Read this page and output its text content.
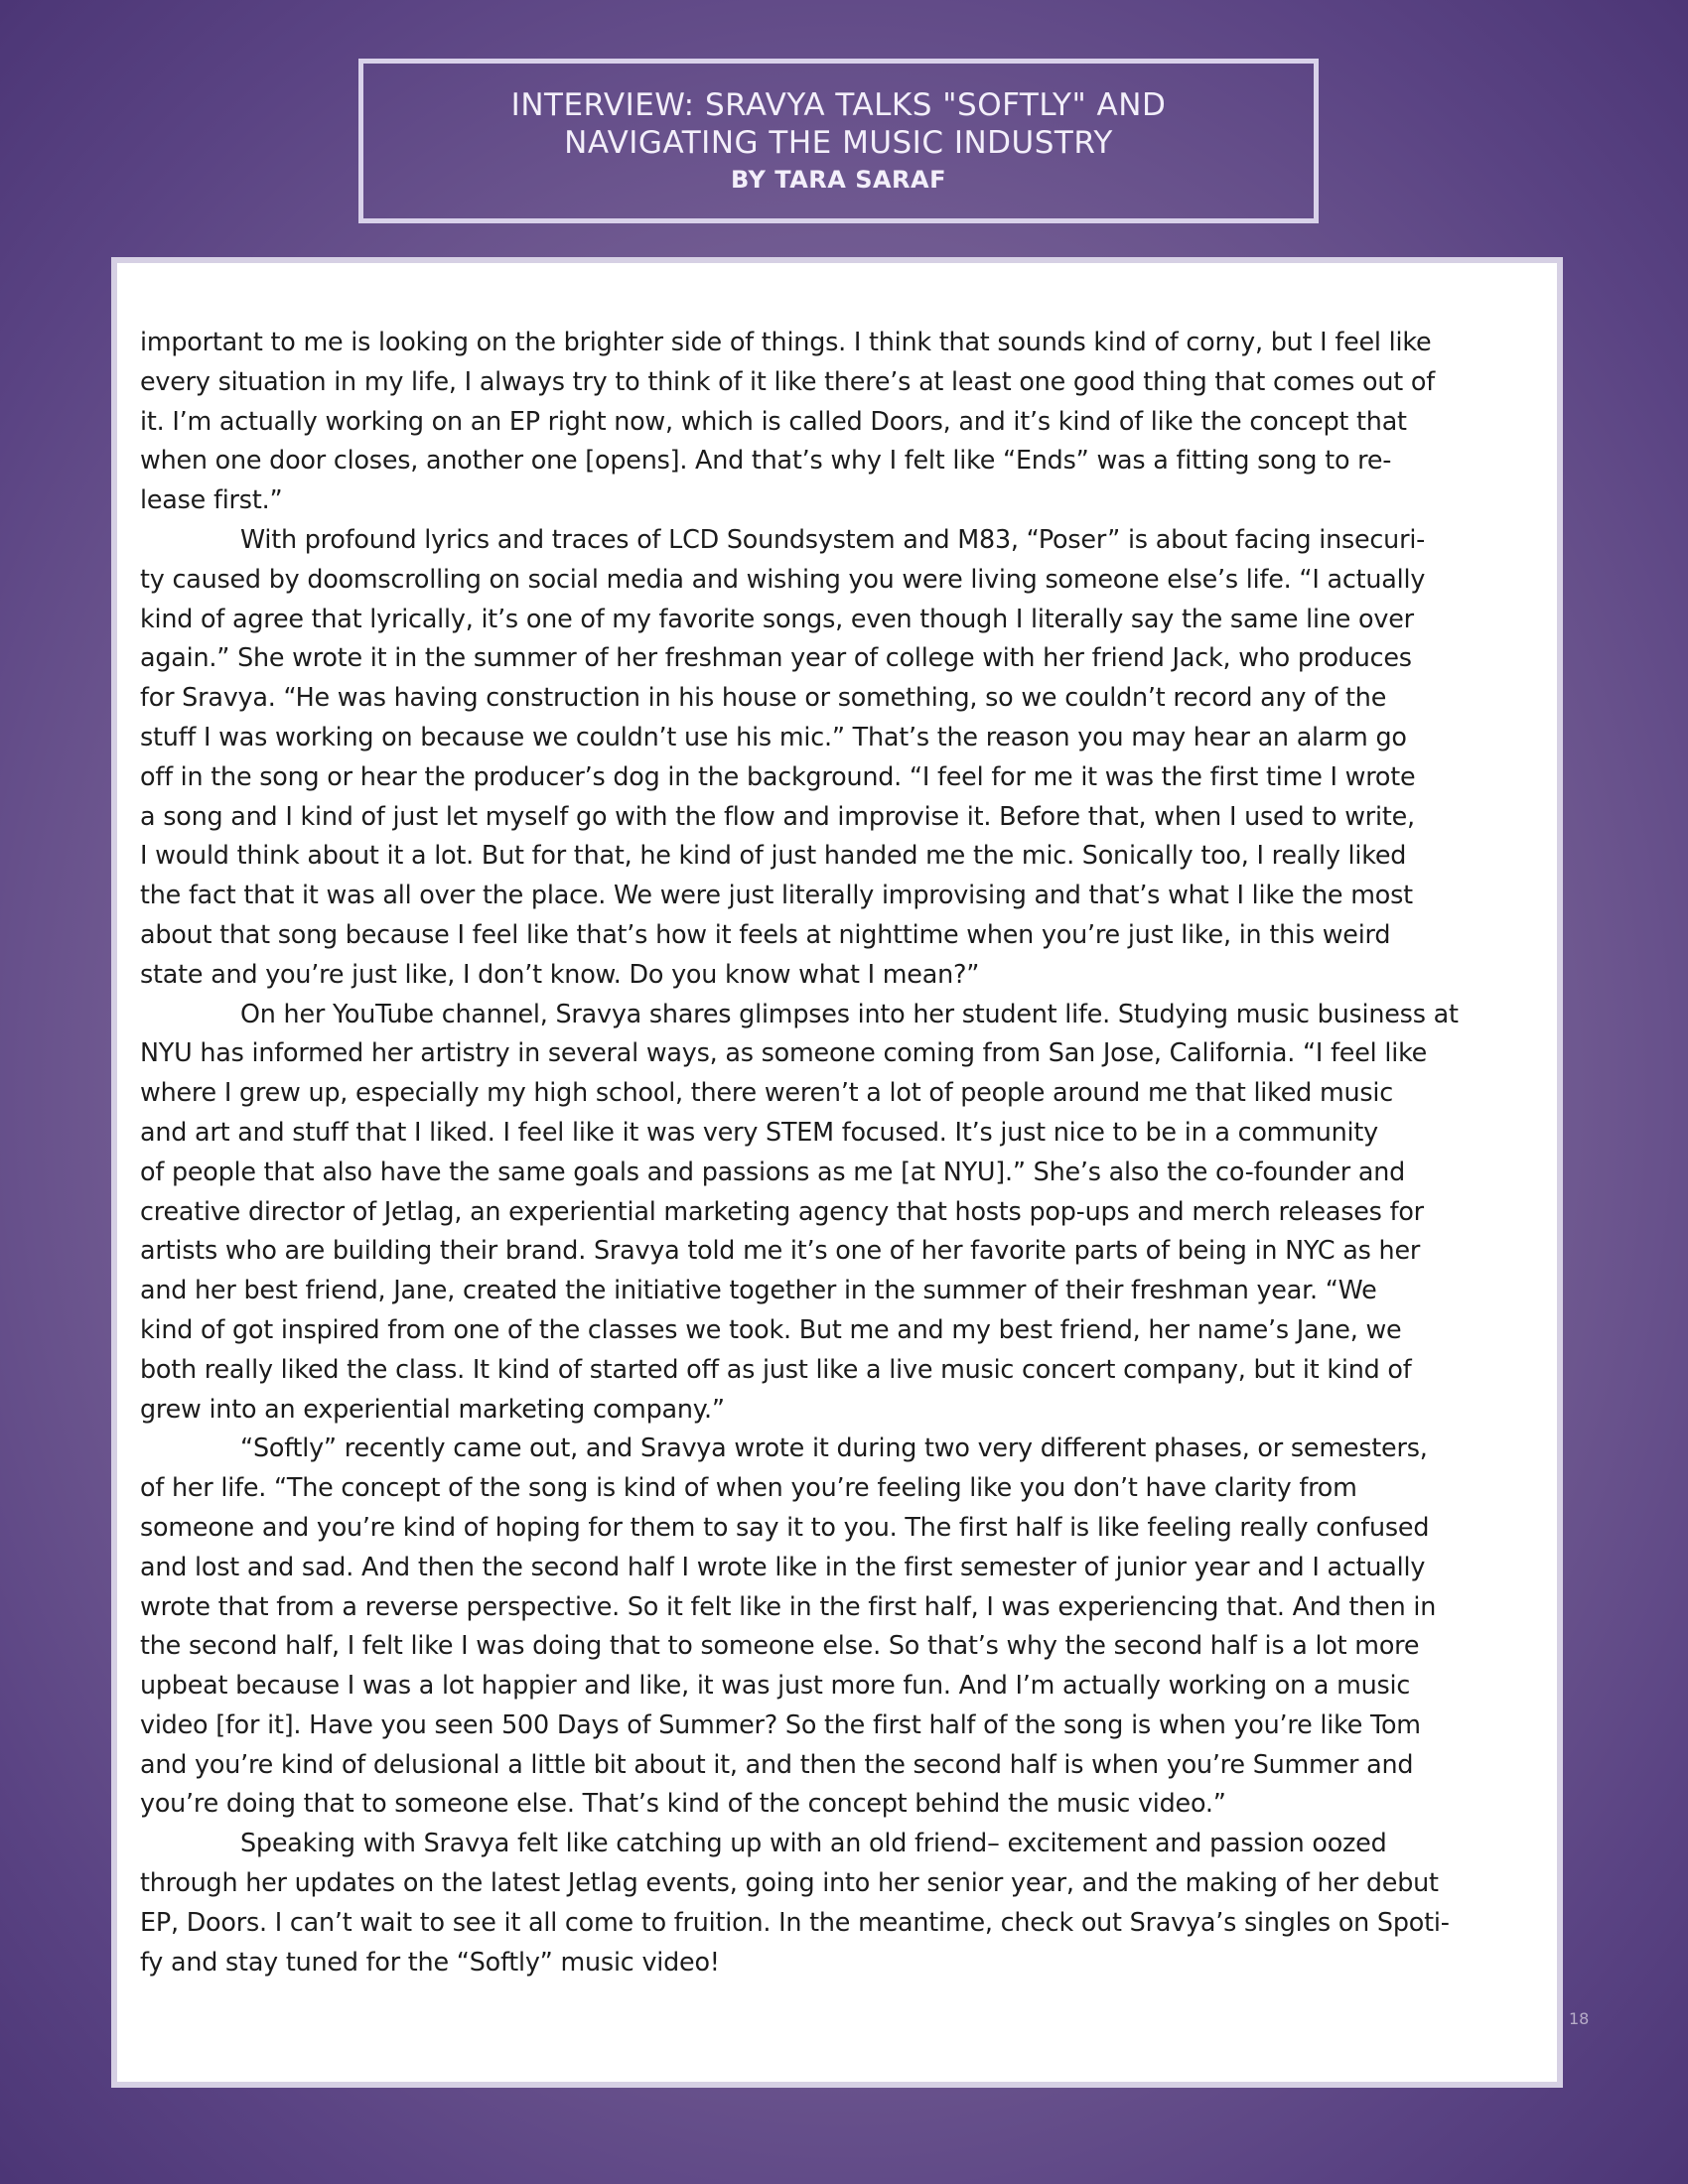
INTERVIEW: SRAVYA TALKS "SOFTLY" AND
NAVIGATING THE MUSIC INDUSTRY
BY TARA SARAF
important to me is looking on the brighter side of things. I think that sounds kind of corny, but I feel like
every situation in my life, I always try to think of it like there’s at least one good thing that comes out of
it. I’m actually working on an EP right now, which is called Doors, and it’s kind of like the concept that
when one door closes, another one [opens]. And that’s why I felt like “Ends” was a fitting song to re-
lease first.”
With profound lyrics and traces of LCD Soundsystem and M83, “Poser” is about facing insecuri-
ty caused by doomscrolling on social media and wishing you were living someone else’s life. “I actually
kind of agree that lyrically, it’s one of my favorite songs, even though I literally say the same line over
again.” She wrote it in the summer of her freshman year of college with her friend Jack, who produces
for Sravya. “He was having construction in his house or something, so we couldn’t record any of the
stuff I was working on because we couldn’t use his mic.” That’s the reason you may hear an alarm go
off in the song or hear the producer’s dog in the background. “I feel for me it was the first time I wrote
a song and I kind of just let myself go with the flow and improvise it. Before that, when I used to write,
I would think about it a lot. But for that, he kind of just handed me the mic. Sonically too, I really liked
the fact that it was all over the place. We were just literally improvising and that’s what I like the most
about that song because I feel like that’s how it feels at nighttime when you’re just like, in this weird
state and you’re just like, I don’t know. Do you know what I mean?”
On her YouTube channel, Sravya shares glimpses into her student life. Studying music business at
NYU has informed her artistry in several ways, as someone coming from San Jose, California. “I feel like
where I grew up, especially my high school, there weren’t a lot of people around me that liked music
and art and stuff that I liked. I feel like it was very STEM focused. It’s just nice to be in a community
of people that also have the same goals and passions as me [at NYU].” She’s also the co-founder and
creative director of Jetlag, an experiential marketing agency that hosts pop-ups and merch releases for
artists who are building their brand. Sravya told me it’s one of her favorite parts of being in NYC as her
and her best friend, Jane, created the initiative together in the summer of their freshman year. “We
kind of got inspired from one of the classes we took. But me and my best friend, her name’s Jane, we
both really liked the class. It kind of started off as just like a live music concert company, but it kind of
grew into an experiential marketing company.”
“Softly” recently came out, and Sravya wrote it during two very different phases, or semesters,
of her life. “The concept of the song is kind of when you’re feeling like you don’t have clarity from
someone and you’re kind of hoping for them to say it to you. The first half is like feeling really confused
and lost and sad. And then the second half I wrote like in the first semester of junior year and I actually
wrote that from a reverse perspective. So it felt like in the first half, I was experiencing that. And then in
the second half, I felt like I was doing that to someone else. So that’s why the second half is a lot more
upbeat because I was a lot happier and like, it was just more fun. And I’m actually working on a music
video [for it]. Have you seen 500 Days of Summer? So the first half of the song is when you’re like Tom
and you’re kind of delusional a little bit about it, and then the second half is when you’re Summer and
you’re doing that to someone else. That’s kind of the concept behind the music video.”
Speaking with Sravya felt like catching up with an old friend– excitement and passion oozed
through her updates on the latest Jetlag events, going into her senior year, and the making of her debut
EP, Doors. I can’t wait to see it all come to fruition. In the meantime, check out Sravya’s singles on Spoti-
fy and stay tuned for the “Softly” music video!
18
